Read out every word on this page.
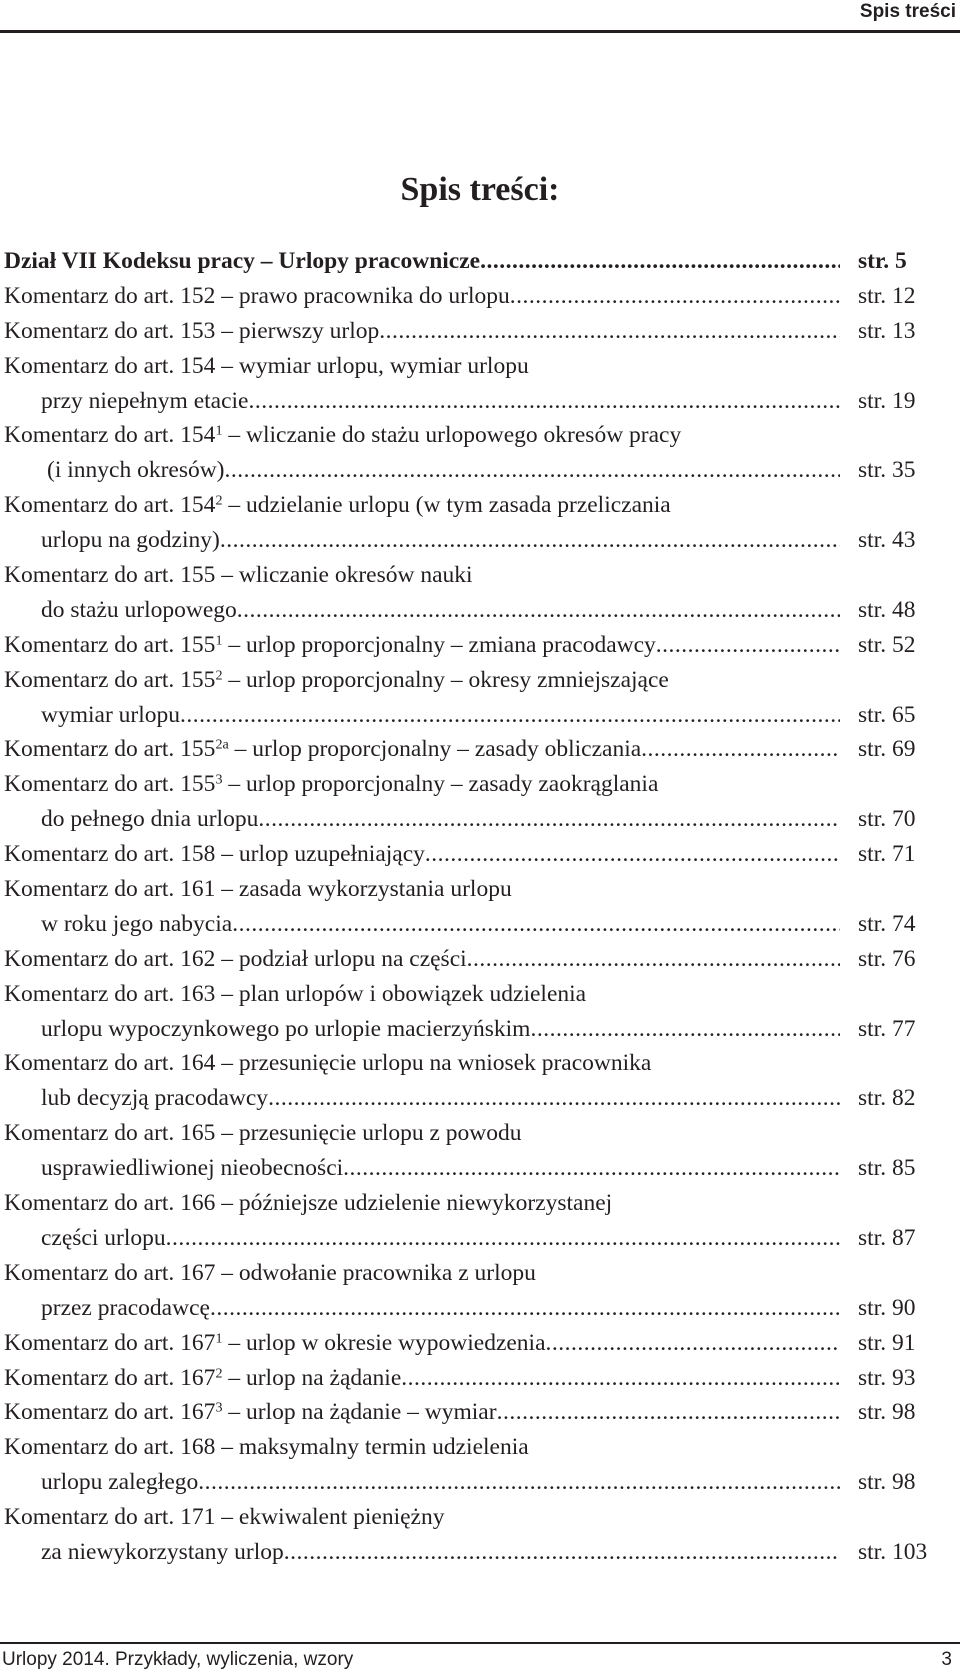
Spis treści
Spis treści:
Dział VII Kodeksu pracy – Urlopy pracownicze .....	str. 5
Komentarz do art. 152 – prawo pracownika do urlopu .....	str. 12
Komentarz do art. 153 – pierwszy urlop .....	str. 13
Komentarz do art. 154 – wymiar urlopu, wymiar urlopu
przy niepełnym etacie .....	str. 19
Komentarz do art. $154^1$ – wliczanie do stażu urlopowego okresów pracy
(i innych okresów) .....	str. 35
Komentarz do art. $154^2$ – udzielanie urlopu (w tym zasada przeliczania
urlopu na godziny) .....	str. 43
Komentarz do art. 155 – wliczanie okresów nauki
do stażu urlopowego .....	str. 48
Komentarz do art. $155^1$ – urlop proporcjonalny – zmiana pracodawcy .....	str. 52
Komentarz do art. $155^2$ – urlop proporcjonalny – okresy zmniejszające
wymiar urlopu .....	str. 65
Komentarz do art. $155^{2a}$ – urlop proporcjonalny – zasady obliczania .....	str. 69
Komentarz do art. $155^3$ – urlop proporcjonalny – zasady zaokrąglania
do pełnego dnia urlopu .....	str. 70
Komentarz do art. 158 – urlop uzupełniający .....	str. 71
Komentarz do art. 161 – zasada wykorzystania urlopu
w roku jego nabycia .....	str. 74
Komentarz do art. 162 – podział urlopu na części .....	str. 76
Komentarz do art. 163 – plan urlopów i obowiązek udzielenia
urlopu wypoczynkowego po urlopie macierzyńskim .....	str. 77
Komentarz do art. 164 – przesunięcie urlopu na wniosek pracownika
lub decyzją pracodawcy .....	str. 82
Komentarz do art. 165 – przesunięcie urlopu z powodu
usprawiedliwionej nieobecności .....	str. 85
Komentarz do art. 166 – późniejsze udzielenie niewykorzystanej
części urlopu .....	str. 87
Komentarz do art. 167 – odwołanie pracownika z urlopu
przez pracodawcę .....	str. 90
Komentarz do art. $167^1$ – urlop w okresie wypowiedzenia .....	str. 91
Komentarz do art. $167^2$ – urlop na żądanie .....	str. 93
Komentarz do art. $167^3$ – urlop na żądanie – wymiar .....	str. 98
Komentarz do art. 168 – maksymalny termin udzielenia
urlopu zaległego .....	str. 98
Komentarz do art. 171 – ekwiwalent pieniężny
za niewykorzystany urlop .....	str. 103
Urlopy 2014. Przykłady, wyliczenia, wzory	3
